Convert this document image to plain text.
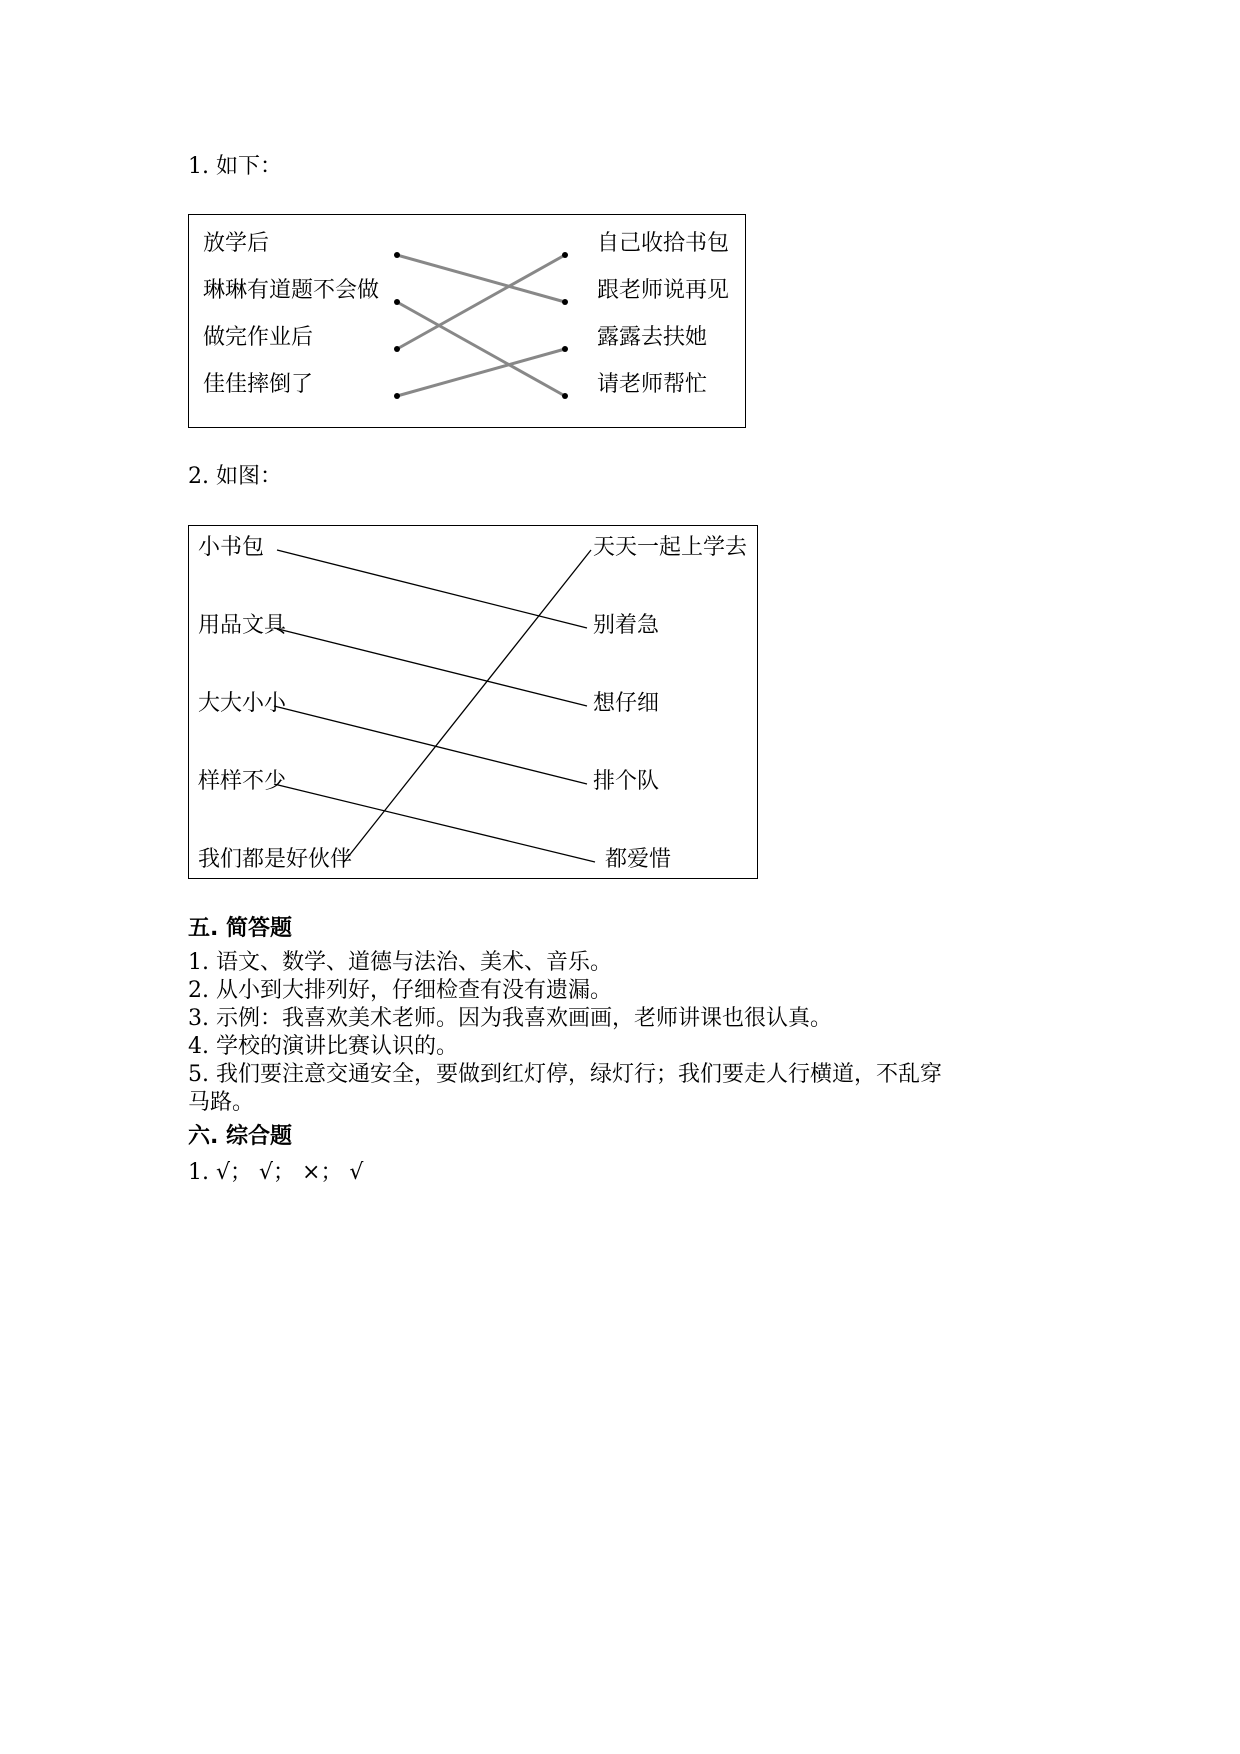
1. 如下：
放学后
琳琳有道题不会做
做完作业后
佳佳摔倒了
自己收拾书包
跟老师说再见
露露去扶她
请老师帮忙
2. 如图：
小书包
用品文具
大大小小
样样不少
我们都是好伙伴
天天一起上学去
别着急
想仔细
排个队
都爱惜
五. 简答题
1. 语文、数学、道德与法治、美术、音乐。
2. 从小到大排列好，仔细检查有没有遗漏。
3. 示例：我喜欢美术老师。因为我喜欢画画，老师讲课也很认真。
4. 学校的演讲比赛认识的。
5. 我们要注意交通安全，要做到红灯停，绿灯行；我们要走人行横道，不乱穿
马路。
六. 综合题
1. √； √； ×； √
